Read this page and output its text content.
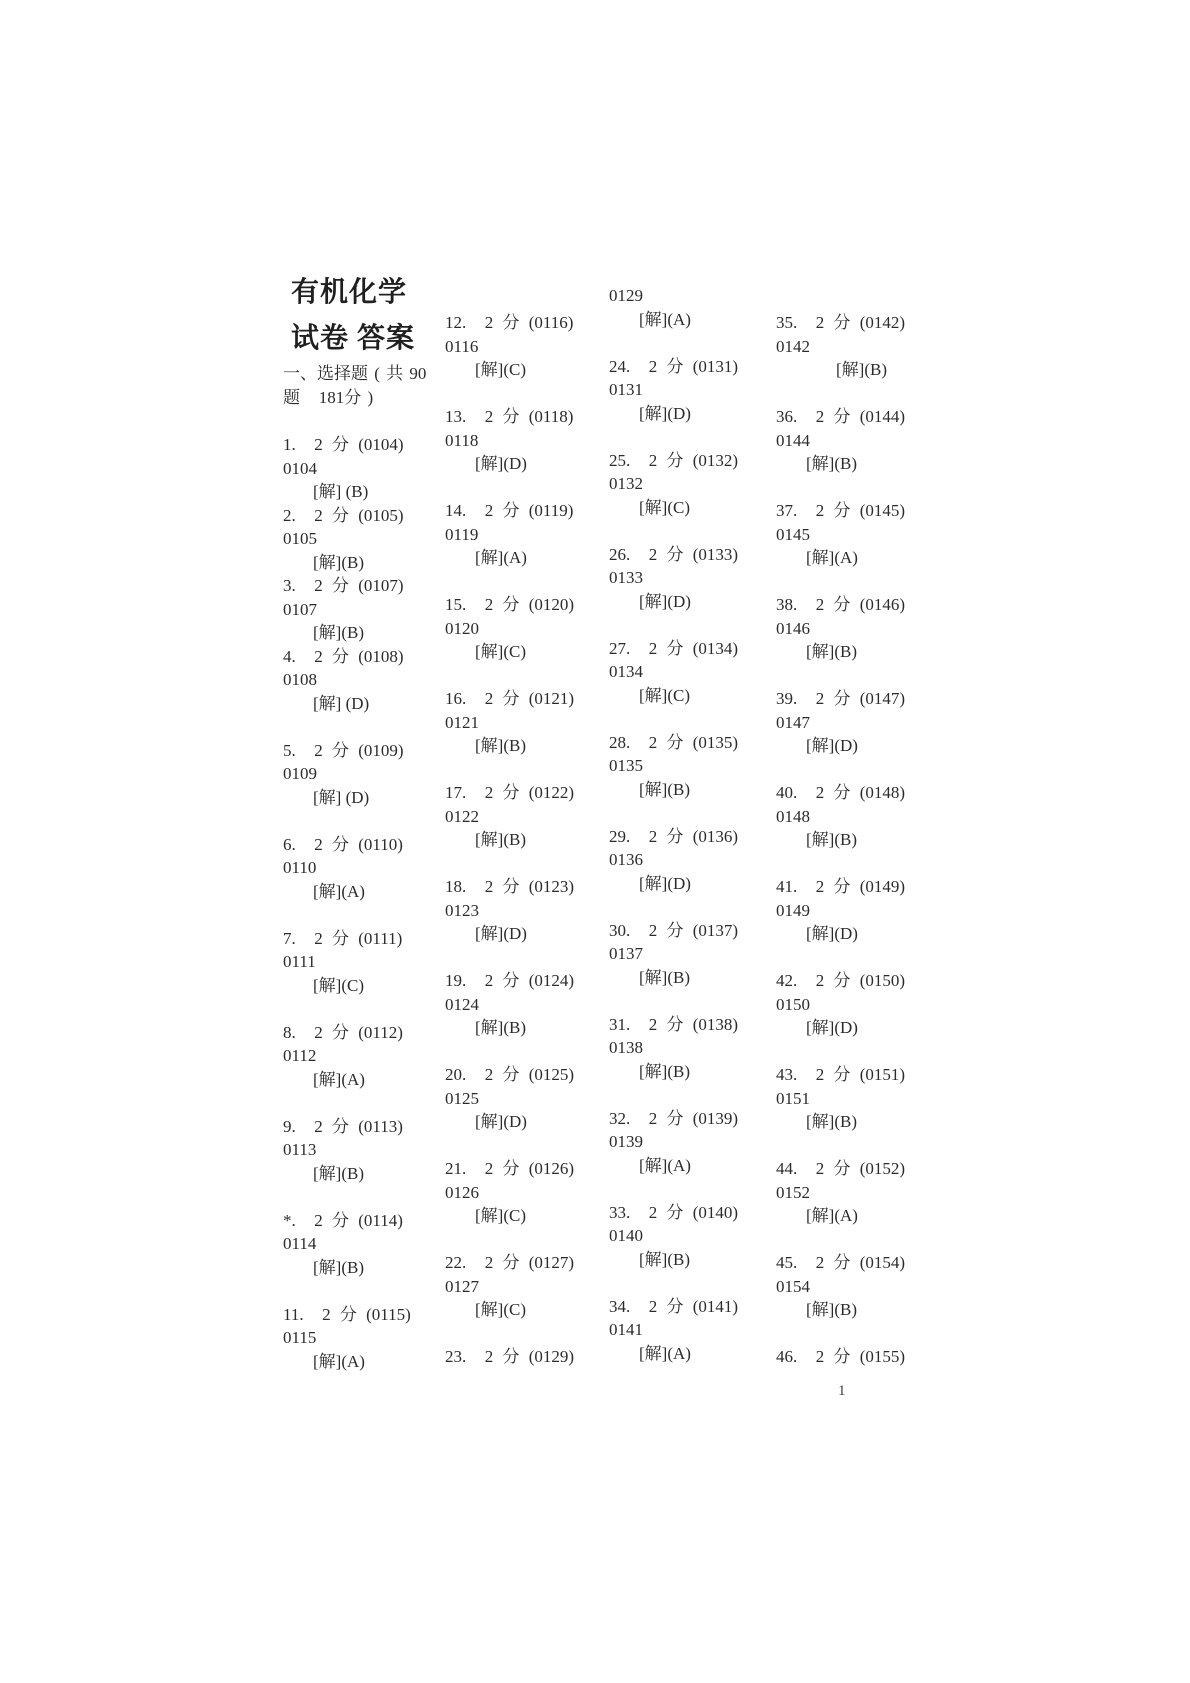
有机化学
试卷 答案
一、选择题 ( 共 90
题   181分 )
1.  2 分 (0104)
0104
[解] (B)
2.  2 分 (0105)
0105
[解](B)
3.  2 分 (0107)
0107
[解](B)
4.  2 分 (0108)
0108
[解] (D)
5.  2 分 (0109)
0109
[解] (D)
6.  2 分 (0110)
0110
[解](A)
7.  2 分 (0111)
0111
[解](C)
8.  2 分 (0112)
0112
[解](A)
9.  2 分 (0113)
0113
[解](B)
*.  2 分 (0114)
0114
[解](B)
11.  2 分 (0115)
0115
[解](A)
12.  2 分 (0116)
0116
[解](C)
13.  2 分 (0118)
0118
[解](D)
14.  2 分 (0119)
0119
[解](A)
15.  2 分 (0120)
0120
[解](C)
16.  2 分 (0121)
0121
[解](B)
17.  2 分 (0122)
0122
[解](B)
18.  2 分 (0123)
0123
[解](D)
19.  2 分 (0124)
0124
[解](B)
20.  2 分 (0125)
0125
[解](D)
21.  2 分 (0126)
0126
[解](C)
22.  2 分 (0127)
0127
[解](C)
23.  2 分 (0129)
0129
[解](A)
24.  2 分 (0131)
0131
[解](D)
25.  2 分 (0132)
0132
[解](C)
26.  2 分 (0133)
0133
[解](D)
27.  2 分 (0134)
0134
[解](C)
28.  2 分 (0135)
0135
[解](B)
29.  2 分 (0136)
0136
[解](D)
30.  2 分 (0137)
0137
[解](B)
31.  2 分 (0138)
0138
[解](B)
32.  2 分 (0139)
0139
[解](A)
33.  2 分 (0140)
0140
[解](B)
34.  2 分 (0141)
0141
[解](A)
35.  2 分 (0142)
0142
[解](B)
36.  2 分 (0144)
0144
[解](B)
37.  2 分 (0145)
0145
[解](A)
38.  2 分 (0146)
0146
[解](B)
39.  2 分 (0147)
0147
[解](D)
40.  2 分 (0148)
0148
[解](B)
41.  2 分 (0149)
0149
[解](D)
42.  2 分 (0150)
0150
[解](D)
43.  2 分 (0151)
0151
[解](B)
44.  2 分 (0152)
0152
[解](A)
45.  2 分 (0154)
0154
[解](B)
46.  2 分 (0155)
1
